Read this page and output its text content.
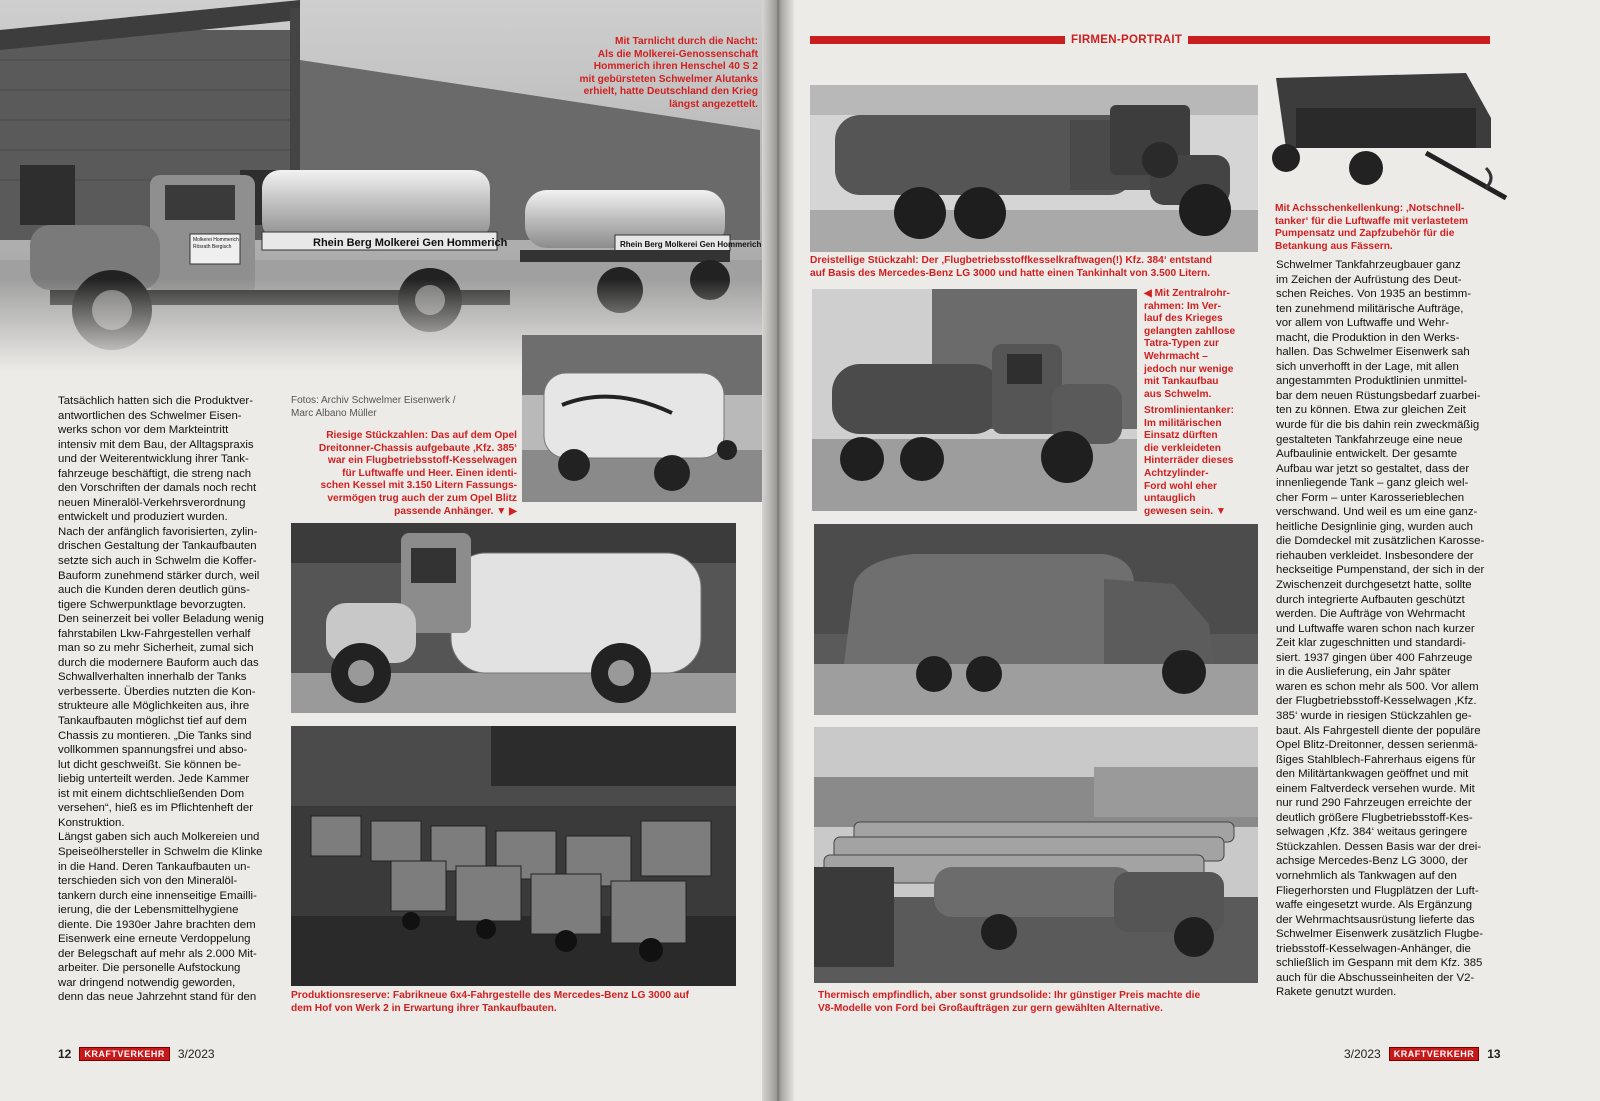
Rhein Berg Molkerei Gen Hommerich	Rhein Berg Molkerei Gen Hommerich
Molkerei Hommerich
Rösrath Bergisch
Mit Tarnlicht durch die Nacht:
Als die Molkerei-Genossenschaft
Hommerich ihren Henschel 40 S 2
mit gebürsteten Schwelmer Alutanks
erhielt, hatte Deutschland den Krieg
längst angezettelt.
Fotos: Archiv Schwelmer Eisenwerk /
Marc Albano Müller
Riesige Stückzahlen: Das auf dem Opel
Dreitonner-Chassis aufgebaute ‚Kfz. 385‘
war ein Flugbetriebsstoff-Kesselwagen
für Luftwaffe und Heer. Einen identi-
schen Kessel mit 3.150 Litern Fassungs-
vermögen trug auch der zum Opel Blitz
passende Anhänger. ▼ ▶
Produktionsreserve: Fabrikneue 6x4-Fahrgestelle des Mercedes-Benz LG 3000 auf
dem Hof von Werk 2 in Erwartung ihrer Tankaufbauten.

Tatsächlich hatten sich die Produktver-
antwortlichen des Schwelmer Eisen-
werks schon vor dem Markteintritt
intensiv mit dem Bau, der Alltagspraxis
und der Weiterentwicklung ihrer Tank-
fahrzeuge beschäftigt, die streng nach
den Vorschriften der damals noch recht
neuen Mineralöl-Verkehrsverordnung
entwickelt und produziert wurden.
Nach der anfänglich favorisierten, zylin-
drischen Gestaltung der Tankaufbauten
setzte sich auch in Schwelm die Koffer-
Bauform zunehmend stärker durch, weil
auch die Kunden deren deutlich güns-
tigere Schwerpunktlage bevorzugten.
Den seinerzeit bei voller Beladung wenig
fahrstabilen Lkw-Fahrgestellen verhalf
man so zu mehr Sicherheit, zumal sich
durch die modernere Bauform auch das
Schwallverhalten innerhalb der Tanks
verbesserte. Überdies nutzten die Kon-
strukteure alle Möglichkeiten aus, ihre
Tankaufbauten möglichst tief auf dem
Chassis zu montieren. „Die Tanks sind
vollkommen spannungsfrei und abso-
lut dicht geschweißt. Sie können be-
liebig unterteilt werden. Jede Kammer
ist mit einem dichtschließenden Dom
versehen“, hieß es im Pflichtenheft der
Konstruktion.
Längst gaben sich auch Molkereien und
Speiseölhersteller in Schwelm die Klinke
in die Hand. Deren Tankaufbauten un-
terschieden sich von den Mineralöl-
tankern durch eine innenseitige Emailli-
ierung, die der Lebensmittelhygiene
diente. Die 1930er Jahre brachten dem
Eisenwerk eine erneute Verdoppelung
der Belegschaft auf mehr als 2.000 Mit-
arbeiter. Die personelle Aufstockung
war dringend notwendig geworden,
denn das neue Jahrzehnt stand für den

12	KRAFTVERKEHR	3/2023
FIRMEN-PORTRAIT
Dreistellige Stückzahl: Der ‚Flugbetriebsstoffkesselkraftwagen(!) Kfz. 384‘ entstand
auf Basis des Mercedes-Benz LG 3000 und hatte einen Tankinhalt von 3.500 Litern.
Mit Achsschenkellenkung: ‚Notschnell-
tanker‘ für die Luftwaffe mit verlastetem
Pumpensatz und Zapfzubehör für die
Betankung aus Fässern.
◀ Mit Zentralrohr-
rahmen: Im Ver-
lauf des Krieges
gelangten zahllose
Tatra-Typen zur
Wehrmacht –
jedoch nur wenige
mit Tankaufbau
aus Schwelm.
Stromlinientanker:
Im militärischen
Einsatz dürften
die verkleideten
Hinterräder dieses
Achtzylinder-
Ford wohl eher
untauglich
gewesen sein. ▼
Thermisch empfindlich, aber sonst grundsolide: Ihr günstiger Preis machte die
V8-Modelle von Ford bei Großaufträgen zur gern gewählten Alternative.

Schwelmer Tankfahrzeugbauer ganz
im Zeichen der Aufrüstung des Deut-
schen Reiches. Von 1935 an bestimm-
ten zunehmend militärische Aufträge,
vor allem von Luftwaffe und Wehr-
macht, die Produktion in den Werks-
hallen. Das Schwelmer Eisenwerk sah
sich unverhofft in der Lage, mit allen
angestammten Produktlinien unmittel-
bar dem neuen Rüstungsbedarf zuarbei-
ten zu können. Etwa zur gleichen Zeit
wurde für die bis dahin rein zweckmäßig
gestalteten Tankfahrzeuge eine neue
Aufbaulinie entwickelt. Der gesamte
Aufbau war jetzt so gestaltet, dass der
innenliegende Tank – ganz gleich wel-
cher Form – unter Karosserieblechen
verschwand. Und weil es um eine ganz-
heitliche Designlinie ging, wurden auch
die Domdeckel mit zusätzlichen Karosse-
riehauben verkleidet. Insbesondere der
heckseitige Pumpenstand, der sich in der
Zwischenzeit durchgesetzt hatte, sollte
durch integrierte Aufbauten geschützt
werden. Die Aufträge von Wehrmacht
und Luftwaffe waren schon nach kurzer
Zeit klar zugeschnitten und standardi-
siert. 1937 gingen über 400 Fahrzeuge
in die Auslieferung, ein Jahr später
waren es schon mehr als 500. Vor allem
der Flugbetriebsstoff-Kesselwagen ‚Kfz.
385‘ wurde in riesigen Stückzahlen ge-
baut. Als Fahrgestell diente der populäre
Opel Blitz-Dreitonner, dessen serienmä-
ßiges Stahlblech-Fahrerhaus eigens für
den Militärtankwagen geöffnet und mit
einem Faltverdeck versehen wurde. Mit
nur rund 290 Fahrzeugen erreichte der
deutlich größere Flugbetriebsstoff-Kes-
selwagen ‚Kfz. 384‘ weitaus geringere
Stückzahlen. Dessen Basis war der drei-
achsige Mercedes-Benz LG 3000, der
vornehmlich als Tankwagen auf den
Fliegerhorsten und Flugplätzen der Luft-
waffe eingesetzt wurde. Als Ergänzung
der Wehrmachtsausrüstung lieferte das
Schwelmer Eisenwerk zusätzlich Flugbe-
triebsstoff-Kesselwagen-Anhänger, die
schließlich im Gespann mit dem Kfz. 385
auch für die Abschusseinheiten der V2-
Rakete genutzt wurden.

3/2023	KRAFTVERKEHR	13
